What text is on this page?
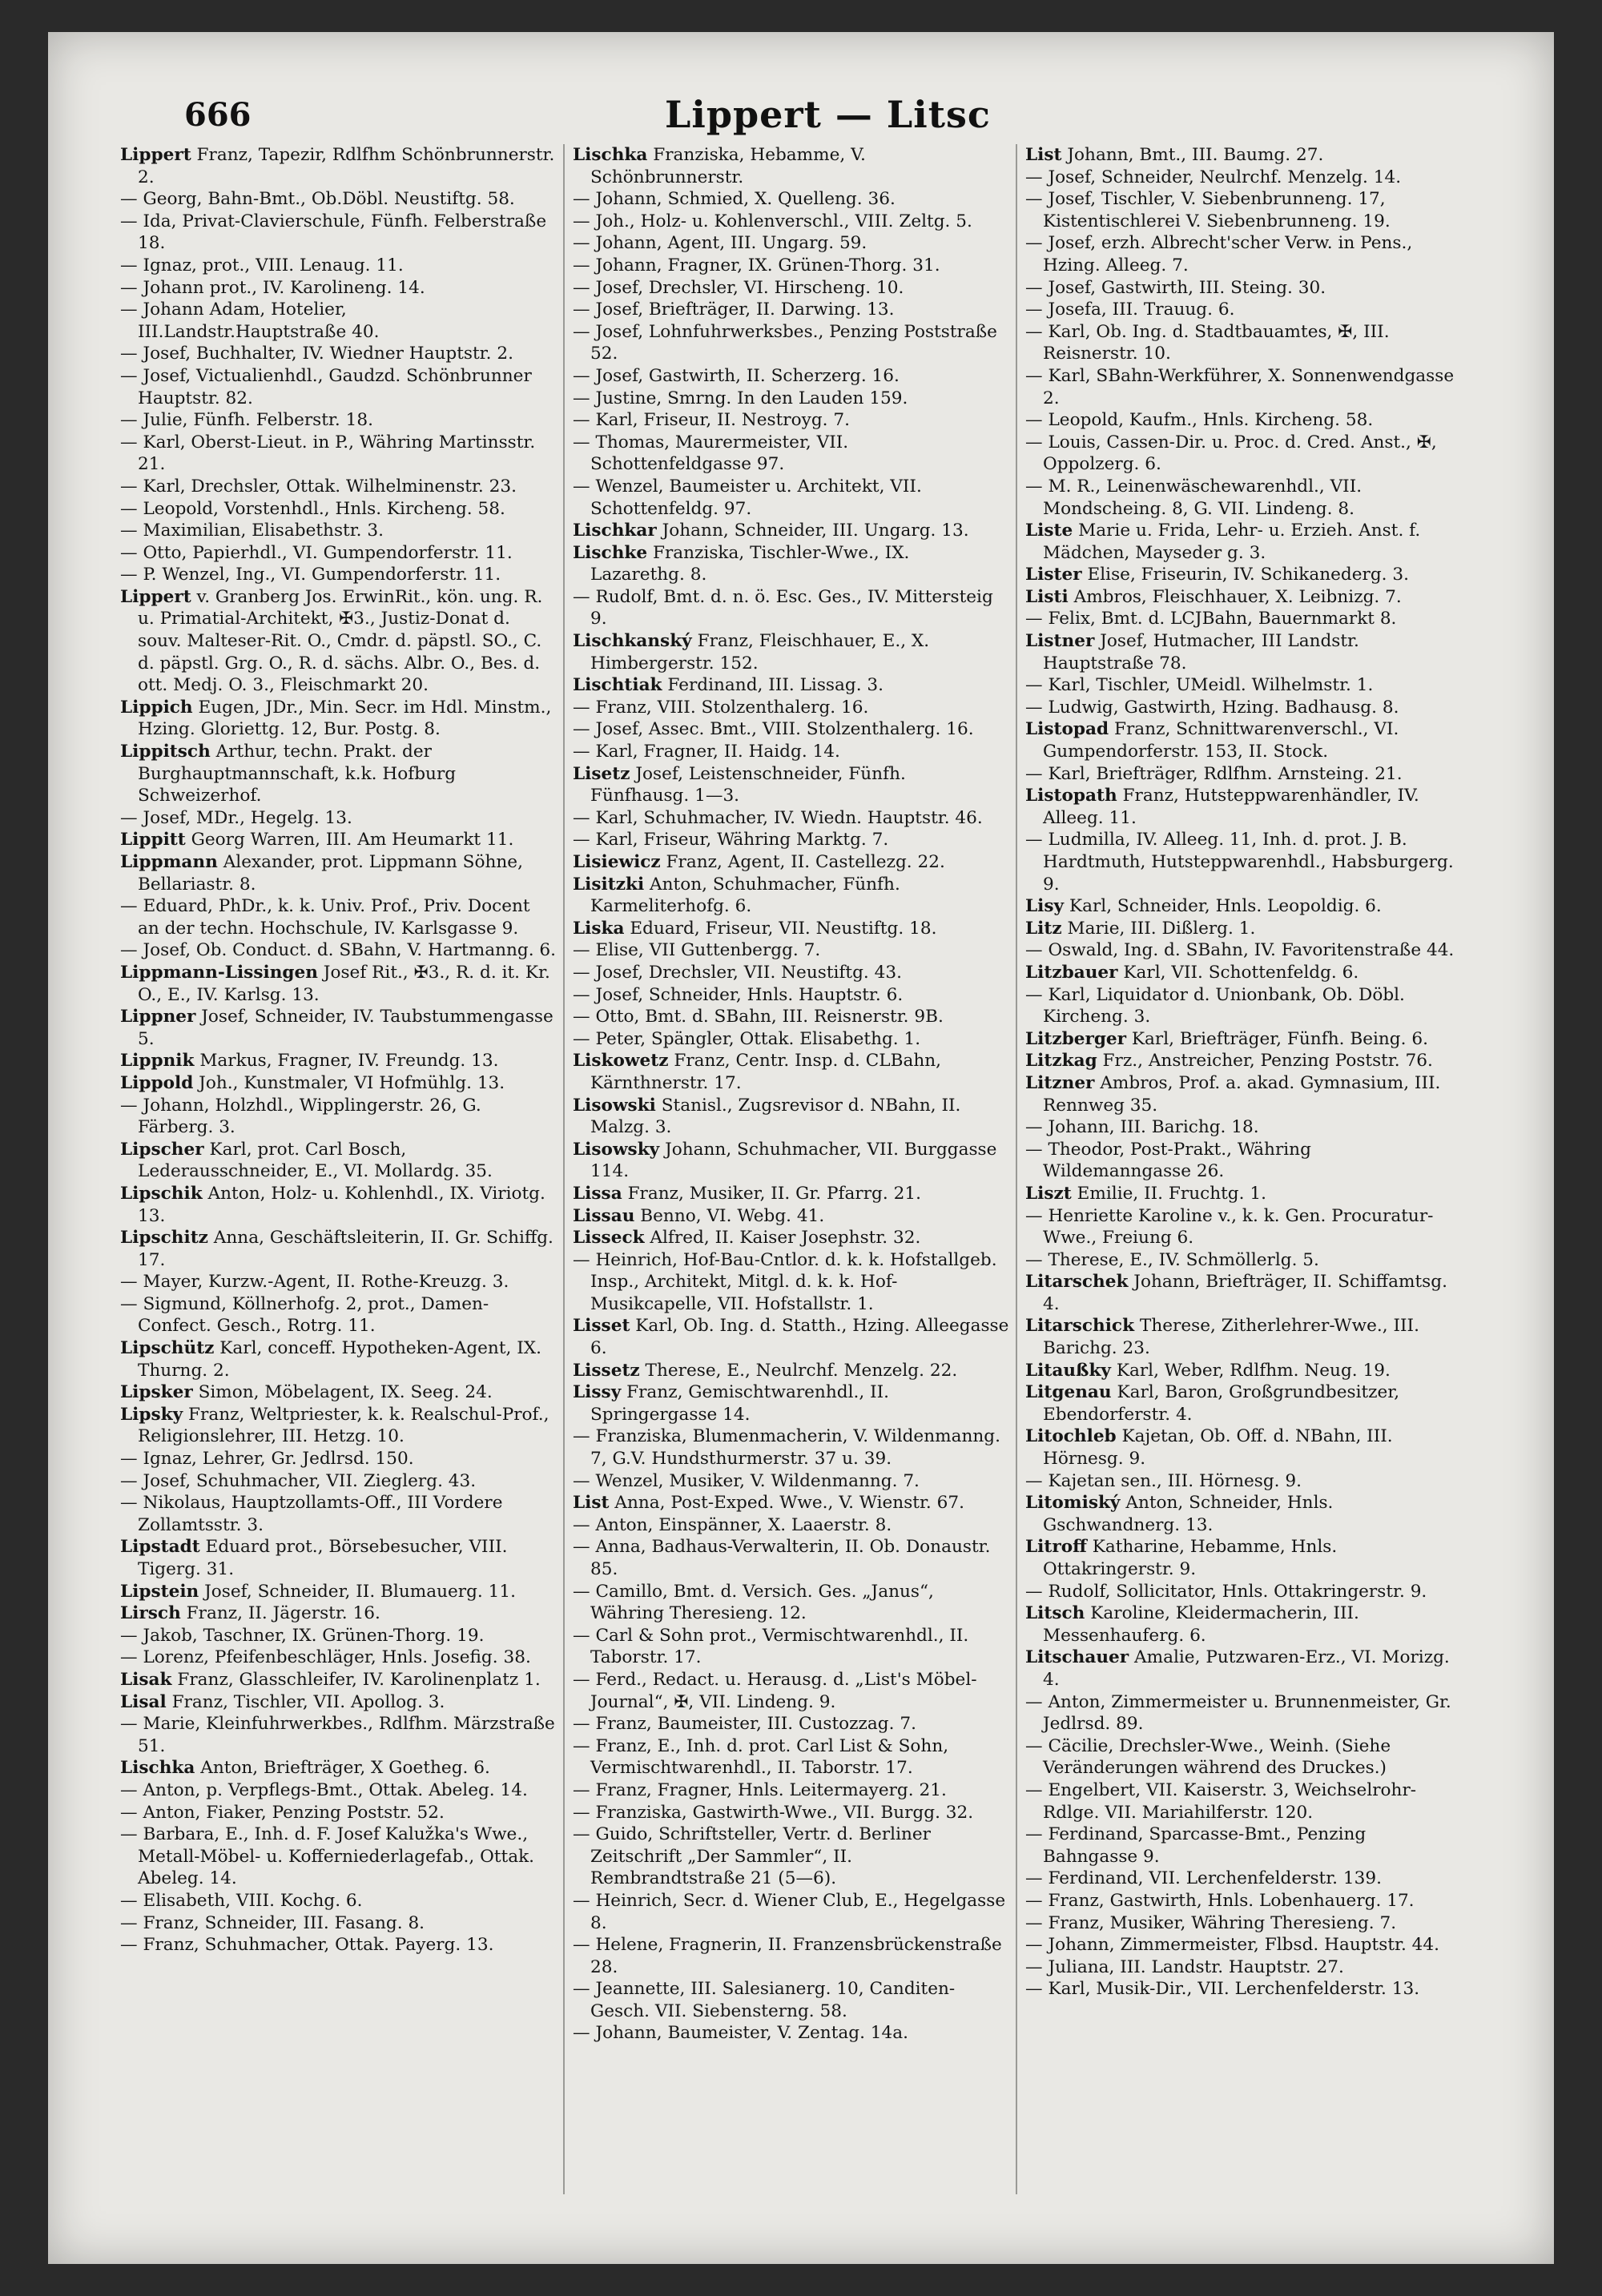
666	Lippert — Litsc
Lippert Franz, Tapezir, Rdlfhm Schönbrunnerstr. 2.
— Georg, Bahn-Bmt., Ob.Döbl. Neustiftg. 58.
— Ida, Privat-Clavierschule, Fünfh. Felberstraße 18.
— Ignaz, prot., VIII. Lenaug. 11.
— Johann prot., IV. Karolineng. 14.
— Johann Adam, Hotelier, III.Landstr.Hauptstraße 40.
— Josef, Buchhalter, IV. Wiedner Hauptstr. 2.
— Josef, Victualienhdl., Gaudzd. Schönbrunner Hauptstr. 82.
— Julie, Fünfh. Felberstr. 18.
— Karl, Oberst-Lieut. in P., Währing Martinsstr. 21.
— Karl, Drechsler, Ottak. Wilhelminenstr. 23.
— Leopold, Vorstenhdl., Hnls. Kircheng. 58.
— Maximilian, Elisabethstr. 3.
— Otto, Papierhdl., VI. Gumpendorferstr. 11.
— P. Wenzel, Ing., VI. Gumpendorferstr. 11.
Lippert v. Granberg Jos. ErwinRit., kön. ung. R. u. Primatial-Architekt, ✠3., Justiz-Donat d. souv. Malteser-Rit. O., Cmdr. d. päpstl. SO., C. d. päpstl. Grg. O., R. d. sächs. Albr. O., Bes. d. ott. Medj. O. 3., Fleischmarkt 20.
Lippich Eugen, JDr., Min. Secr. im Hdl. Minstm., Hzing. Gloriettg. 12, Bur. Postg. 8.
Lippitsch Arthur, techn. Prakt. der Burghauptmannschaft, k.k. Hofburg Schweizerhof.
— Josef, MDr., Hegelg. 13.
Lippitt Georg Warren, III. Am Heumarkt 11.
Lippmann Alexander, prot. Lippmann Söhne, Bellariastr. 8.
— Eduard, PhDr., k. k. Univ. Prof., Priv. Docent an der techn. Hochschule, IV. Karlsgasse 9.
— Josef, Ob. Conduct. d. SBahn, V. Hartmanng. 6.
Lippmann-Lissingen Josef Rit., ✠3., R. d. it. Kr. O., E., IV. Karlsg. 13.
Lippner Josef, Schneider, IV. Taubstummengasse 5.
Lippnik Markus, Fragner, IV. Freundg. 13.
Lippold Joh., Kunstmaler, VI Hofmühlg. 13.
— Johann, Holzhdl., Wipplingerstr. 26, G. Färberg. 3.
Lipscher Karl, prot. Carl Bosch, Lederausschneider, E., VI. Mollardg. 35.
Lipschik Anton, Holz- u. Kohlenhdl., IX. Viriotg. 13.
Lipschitz Anna, Geschäftsleiterin, II. Gr. Schiffg. 17.
— Mayer, Kurzw.-Agent, II. Rothe-Kreuzg. 3.
— Sigmund, Köllnerhofg. 2, prot., Damen-Confect. Gesch., Rotrg. 11.
Lipschütz Karl, conceff. Hypotheken-Agent, IX. Thurng. 2.
Lipsker Simon, Möbelagent, IX. Seeg. 24.
Lipsky Franz, Weltpriester, k. k. Realschul-Prof., Religionslehrer, III. Hetzg. 10.
— Ignaz, Lehrer, Gr. Jedlrsd. 150.
— Josef, Schuhmacher, VII. Zieglerg. 43.
— Nikolaus, Hauptzollamts-Off., III Vordere Zollamtsstr. 3.
Lipstadt Eduard prot., Börsebesucher, VIII. Tigerg. 31.
Lipstein Josef, Schneider, II. Blumauerg. 11.
Lirsch Franz, II. Jägerstr. 16.
— Jakob, Taschner, IX. Grünen-Thorg. 19.
— Lorenz, Pfeifenbeschläger, Hnls. Josefig. 38.
Lisak Franz, Glasschleifer, IV. Karolinenplatz 1.
Lisal Franz, Tischler, VII. Apollog. 3.
— Marie, Kleinfuhrwerkbes., Rdlfhm. Märzstraße 51.
Lischka Anton, Briefträger, X Goetheg. 6.
— Anton, p. Verpflegs-Bmt., Ottak. Abeleg. 14.
— Anton, Fiaker, Penzing Poststr. 52.
— Barbara, E., Inh. d. F. Josef Kalužka's Wwe., Metall-Möbel- u. Kofferniederlagefab., Ottak. Abeleg. 14.
— Elisabeth, VIII. Kochg. 6.
— Franz, Schneider, III. Fasang. 8.
— Franz, Schuhmacher, Ottak. Payerg. 13.
Lischka Franziska, Hebamme, V. Schönbrunnerstr.
— Johann, Schmied, X. Quelleng. 36.
— Joh., Holz- u. Kohlenverschl., VIII. Zeltg. 5.
— Johann, Agent, III. Ungarg. 59.
— Johann, Fragner, IX. Grünen-Thorg. 31.
— Josef, Drechsler, VI. Hirscheng. 10.
— Josef, Briefträger, II. Darwing. 13.
— Josef, Lohnfuhrwerksbes., Penzing Poststraße 52.
— Josef, Gastwirth, II. Scherzerg. 16.
— Justine, Smrng. In den Lauden 159.
— Karl, Friseur, II. Nestroyg. 7.
— Thomas, Maurermeister, VII. Schottenfeldgasse 97.
— Wenzel, Baumeister u. Architekt, VII. Schottenfeldg. 97.
Lischkar Johann, Schneider, III. Ungarg. 13.
Lischke Franziska, Tischler-Wwe., IX. Lazarethg. 8.
— Rudolf, Bmt. d. n. ö. Esc. Ges., IV. Mittersteig 9.
Lischkanský Franz, Fleischhauer, E., X. Himbergerstr. 152.
Lischtiak Ferdinand, III. Lissag. 3.
— Franz, VIII. Stolzenthalerg. 16.
— Josef, Assec. Bmt., VIII. Stolzenthalerg. 16.
— Karl, Fragner, II. Haidg. 14.
Lisetz Josef, Leistenschneider, Fünfh. Fünfhausg. 1—3.
— Karl, Schuhmacher, IV. Wiedn. Hauptstr. 46.
— Karl, Friseur, Währing Marktg. 7.
Lisiewicz Franz, Agent, II. Castellezg. 22.
Lisitzki Anton, Schuhmacher, Fünfh. Karmeliterhofg. 6.
Liska Eduard, Friseur, VII. Neustiftg. 18.
— Elise, VII Guttenbergg. 7.
— Josef, Drechsler, VII. Neustiftg. 43.
— Josef, Schneider, Hnls. Hauptstr. 6.
— Otto, Bmt. d. SBahn, III. Reisnerstr. 9B.
— Peter, Spängler, Ottak. Elisabethg. 1.
Liskowetz Franz, Centr. Insp. d. CLBahn, Kärnthnerstr. 17.
Lisowski Stanisl., Zugsrevisor d. NBahn, II. Malzg. 3.
Lisowsky Johann, Schuhmacher, VII. Burggasse 114.
Lissa Franz, Musiker, II. Gr. Pfarrg. 21.
Lissau Benno, VI. Webg. 41.
Lisseck Alfred, II. Kaiser Josephstr. 32.
— Heinrich, Hof-Bau-Cntlor. d. k. k. Hofstallgeb. Insp., Architekt, Mitgl. d. k. k. Hof-Musikcapelle, VII. Hofstallstr. 1.
Lisset Karl, Ob. Ing. d. Statth., Hzing. Alleegasse 6.
Lissetz Therese, E., Neulrchf. Menzelg. 22.
Lissy Franz, Gemischtwarenhdl., II. Springergasse 14.
— Franziska, Blumenmacherin, V. Wildenmanng. 7, G.V. Hundsthurmerstr. 37 u. 39.
— Wenzel, Musiker, V. Wildenmanng. 7.
List Anna, Post-Exped. Wwe., V. Wienstr. 67.
— Anton, Einspänner, X. Laaerstr. 8.
— Anna, Badhaus-Verwalterin, II. Ob. Donaustr. 85.
— Camillo, Bmt. d. Versich. Ges. „Janus“, Währing Theresieng. 12.
— Carl & Sohn prot., Vermischtwarenhdl., II. Taborstr. 17.
— Ferd., Redact. u. Herausg. d. „List's Möbel-Journal“, ✠, VII. Lindeng. 9.
— Franz, Baumeister, III. Custozzag. 7.
— Franz, E., Inh. d. prot. Carl List & Sohn, Vermischtwarenhdl., II. Taborstr. 17.
— Franz, Fragner, Hnls. Leitermayerg. 21.
— Franziska, Gastwirth-Wwe., VII. Burgg. 32.
— Guido, Schriftsteller, Vertr. d. Berliner Zeitschrift „Der Sammler“, II. Rembrandtstraße 21 (5—6).
— Heinrich, Secr. d. Wiener Club, E., Hegelgasse 8.
— Helene, Fragnerin, II. Franzensbrückenstraße 28.
— Jeannette, III. Salesianerg. 10, Canditen-Gesch. VII. Siebensterng. 58.
— Johann, Baumeister, V. Zentag. 14a.
List Johann, Bmt., III. Baumg. 27.
— Josef, Schneider, Neulrchf. Menzelg. 14.
— Josef, Tischler, V. Siebenbrunneng. 17, Kistentischlerei V. Siebenbrunneng. 19.
— Josef, erzh. Albrecht'scher Verw. in Pens., Hzing. Alleeg. 7.
— Josef, Gastwirth, III. Steing. 30.
— Josefa, III. Trauug. 6.
— Karl, Ob. Ing. d. Stadtbauamtes, ✠, III. Reisnerstr. 10.
— Karl, SBahn-Werkführer, X. Sonnenwendgasse 2.
— Leopold, Kaufm., Hnls. Kircheng. 58.
— Louis, Cassen-Dir. u. Proc. d. Cred. Anst., ✠, Oppolzerg. 6.
— M. R., Leinenwäschewarenhdl., VII. Mondscheing. 8, G. VII. Lindeng. 8.
Liste Marie u. Frida, Lehr- u. Erzieh. Anst. f. Mädchen, Mayseder g. 3.
Lister Elise, Friseurin, IV. Schikanederg. 3.
Listi Ambros, Fleischhauer, X. Leibnizg. 7.
— Felix, Bmt. d. LCJBahn, Bauernmarkt 8.
Listner Josef, Hutmacher, III Landstr. Hauptstraße 78.
— Karl, Tischler, UMeidl. Wilhelmstr. 1.
— Ludwig, Gastwirth, Hzing. Badhausg. 8.
Listopad Franz, Schnittwarenverschl., VI. Gumpendorferstr. 153, II. Stock.
— Karl, Briefträger, Rdlfhm. Arnsteing. 21.
Listopath Franz, Hutsteppwarenhändler, IV. Alleeg. 11.
— Ludmilla, IV. Alleeg. 11, Inh. d. prot. J. B. Hardtmuth, Hutsteppwarenhdl., Habsburgerg. 9.
Lisy Karl, Schneider, Hnls. Leopoldig. 6.
Litz Marie, III. Dißlerg. 1.
— Oswald, Ing. d. SBahn, IV. Favoritenstraße 44.
Litzbauer Karl, VII. Schottenfeldg. 6.
— Karl, Liquidator d. Unionbank, Ob. Döbl. Kircheng. 3.
Litzberger Karl, Briefträger, Fünfh. Being. 6.
Litzkag Frz., Anstreicher, Penzing Poststr. 76.
Litzner Ambros, Prof. a. akad. Gymnasium, III. Rennweg 35.
— Johann, III. Barichg. 18.
— Theodor, Post-Prakt., Währing Wildemanngasse 26.
Liszt Emilie, II. Fruchtg. 1.
— Henriette Karoline v., k. k. Gen. Procuratur-Wwe., Freiung 6.
— Therese, E., IV. Schmöllerlg. 5.
Litarschek Johann, Briefträger, II. Schiffamtsg. 4.
Litarschick Therese, Zitherlehrer-Wwe., III. Barichg. 23.
Litaußky Karl, Weber, Rdlfhm. Neug. 19.
Litgenau Karl, Baron, Großgrundbesitzer, Ebendorferstr. 4.
Litochleb Kajetan, Ob. Off. d. NBahn, III. Hörnesg. 9.
— Kajetan sen., III. Hörnesg. 9.
Litomiský Anton, Schneider, Hnls. Gschwandnerg. 13.
Litroff Katharine, Hebamme, Hnls. Ottakringerstr. 9.
— Rudolf, Sollicitator, Hnls. Ottakringerstr. 9.
Litsch Karoline, Kleidermacherin, III. Messenhauferg. 6.
Litschauer Amalie, Putzwaren-Erz., VI. Morizg. 4.
— Anton, Zimmermeister u. Brunnenmeister, Gr. Jedlrsd. 89.
— Cäcilie, Drechsler-Wwe., Weinh. (Siehe Veränderungen während des Druckes.)
— Engelbert, VII. Kaiserstr. 3, Weichselrohr-Rdlge. VII. Mariahilferstr. 120.
— Ferdinand, Sparcasse-Bmt., Penzing Bahngasse 9.
— Ferdinand, VII. Lerchenfelderstr. 139.
— Franz, Gastwirth, Hnls. Lobenhauerg. 17.
— Franz, Musiker, Währing Theresieng. 7.
— Johann, Zimmermeister, Flbsd. Hauptstr. 44.
— Juliana, III. Landstr. Hauptstr. 27.
— Karl, Musik-Dir., VII. Lerchenfelderstr. 13.
